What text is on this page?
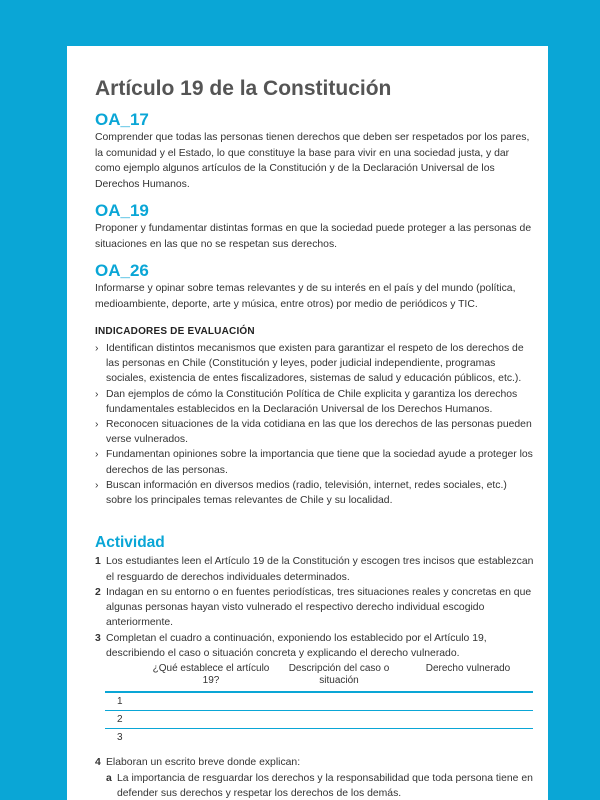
Artículo 19 de la Constitución
OA_17

Comprender que todas las personas tienen derechos que deben ser respetados por los pares, la comunidad y el Estado, lo que constituye la base para vivir en una sociedad justa, y dar como ejemplo algunos artículos de la Constitución y de la Declaración Universal de los Derechos Humanos.

OA_19

Proponer y fundamentar distintas formas en que la sociedad puede proteger a las personas de situaciones en las que no se respetan sus derechos.

OA_26

Informarse y opinar sobre temas relevantes y de su interés en el país y del mundo (política, medioambiente, deporte, arte y música, entre otros) por medio de periódicos y TIC.

INDICADORES DE EVALUACIÓN
› Identifican distintos mecanismos que existen para garantizar el respeto de los derechos de las personas en Chile (Constitución y leyes, poder judicial independiente, programas sociales, existencia de entes fiscalizadores, sistemas de salud y educación públicos, etc.).
› Dan ejemplos de cómo la Constitución Política de Chile explicita y garantiza los derechos fundamentales establecidos en la Declaración Universal de los Derechos Humanos.
› Reconocen situaciones de la vida cotidiana en las que los derechos de las personas pueden verse vulnerados.
› Fundamentan opiniones sobre la importancia que tiene que la sociedad ayude a proteger los derechos de las personas.
› Buscan información en diversos medios (radio, televisión, internet, redes sociales, etc.) sobre los principales temas relevantes de Chile y su localidad.
Actividad
1 Los estudiantes leen el Artículo 19 de la Constitución y escogen tres incisos que establezcan el resguardo de derechos individuales determinados.
2 Indagan en su entorno o en fuentes periodísticas, tres situaciones reales y concretas en que algunas personas hayan visto vulnerado el respectivo derecho individual escogido anteriormente.
3 Completan el cuadro a continuación, exponiendo los establecido por el Artículo 19, describiendo el caso o situación concreta y explicando el derecho vulnerado.
¿Qué establece el artículo 19?
Descripción del caso o situación
Derecho vulnerado
1
2
3
4 Elaboran un escrito breve donde explican:
a La importancia de resguardar los derechos y la responsabilidad que toda persona tiene en defender sus derechos y respetar los derechos de los demás.
